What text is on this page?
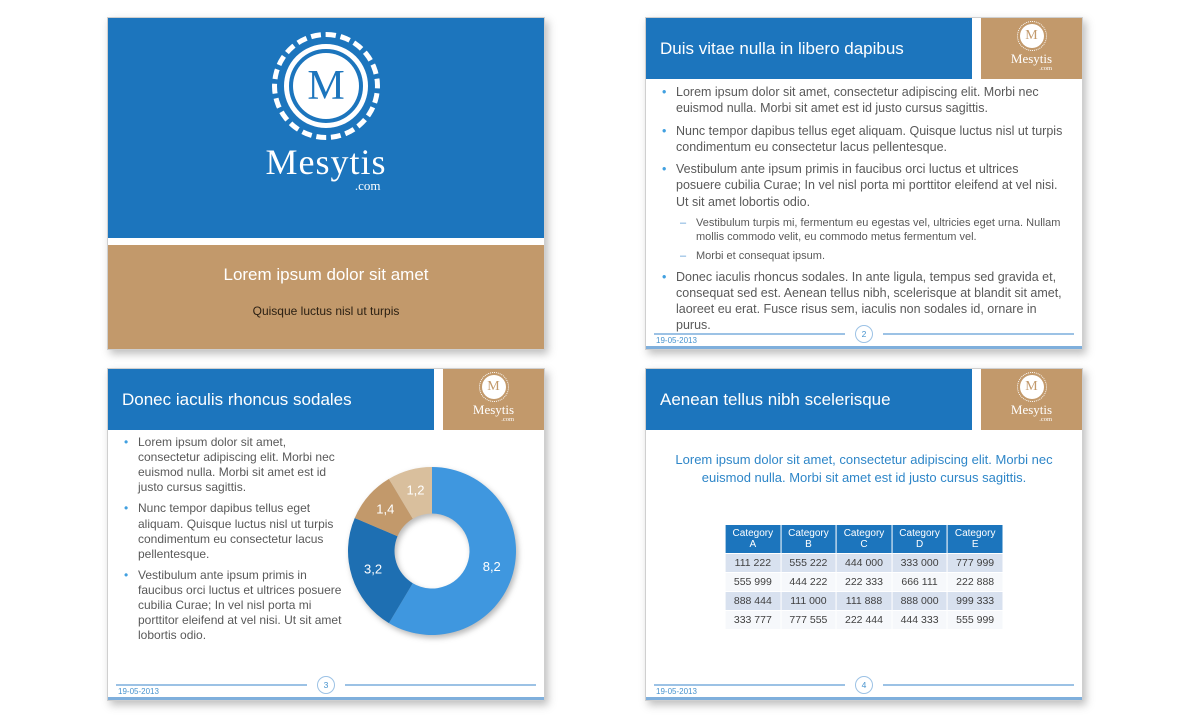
M
Mesytis
.com
Lorem ipsum dolor sit amet
Quisque luctus nisl ut turpis
Duis vitae nulla in libero dapibus
M
Mesytis
.com
• Lorem ipsum dolor sit amet, consectetur adipiscing elit. Morbi nec euismod nulla. Morbi sit amet est id justo cursus sagittis.
• Nunc tempor dapibus tellus eget aliquam. Quisque luctus nisl ut turpis condimentum eu consectetur lacus pellentesque.
• Vestibulum ante ipsum primis in faucibus orci luctus et ultrices posuere cubilia Curae; In vel nisl porta mi porttitor eleifend at vel nisi. Ut sit amet lobortis odio.
– Vestibulum turpis mi, fermentum eu egestas vel, ultricies eget urna. Nullam mollis commodo velit, eu commodo metus fermentum vel.
– Morbi et consequat ipsum.
• Donec iaculis rhoncus sodales. In ante ligula, tempus sed gravida et, consequat sed est. Aenean tellus nibh, scelerisque at blandit sit amet, laoreet eu erat. Fusce risus sem, iaculis non sodales id, ornare in purus.
2
19-05-2013
Donec iaculis rhoncus sodales
M
Mesytis
.com
• Lorem ipsum dolor sit amet, consectetur adipiscing elit. Morbi nec euismod nulla. Morbi sit amet est id justo cursus sagittis.
• Nunc tempor dapibus tellus eget aliquam. Quisque luctus nisl ut turpis condimentum eu consectetur lacus pellentesque.
• Vestibulum ante ipsum primis in faucibus orci luctus et ultrices posuere cubilia Curae; In vel nisl porta mi porttitor eleifend at vel nisi. Ut sit amet lobortis odio.
8,2
3,2
1,4
1,2
3
19-05-2013
Aenean tellus nibh scelerisque
M
Mesytis
.com
Lorem ipsum dolor sit amet, consectetur adipiscing elit. Morbi nec euismod nulla. Morbi sit amet est id justo cursus sagittis.
Category A	Category B	Category C	Category D	Category E
111 222	555 222	444 000	333 000	777 999
555 999	444 222	222 333	666 111	222 888
888 444	111 000	111 888	888 000	999 333
333 777	777 555	222 444	444 333	555 999
4
19-05-2013
